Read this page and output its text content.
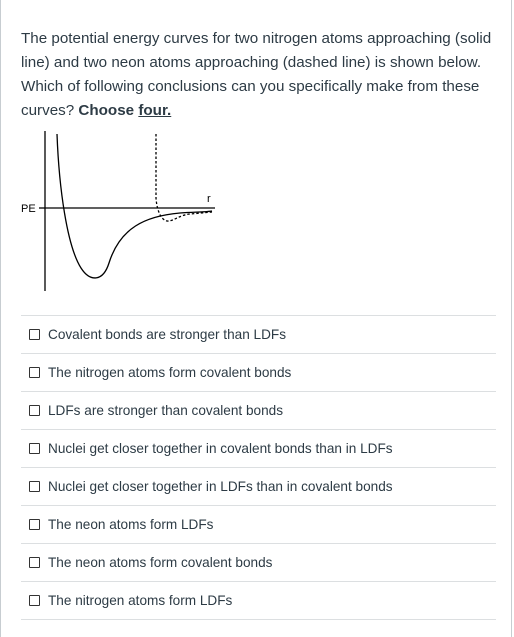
The potential energy curves for two nitrogen atoms approaching (solid line) and two neon atoms approaching (dashed line) is shown below. Which of following conclusions can you specifically make from these curves? Choose four.
PE
r
Covalent bonds are stronger than LDFs
The nitrogen atoms form covalent bonds
LDFs are stronger than covalent bonds
Nuclei get closer together in covalent bonds than in LDFs
Nuclei get closer together in LDFs than in covalent bonds
The neon atoms form LDFs
The neon atoms form covalent bonds
The nitrogen atoms form LDFs
